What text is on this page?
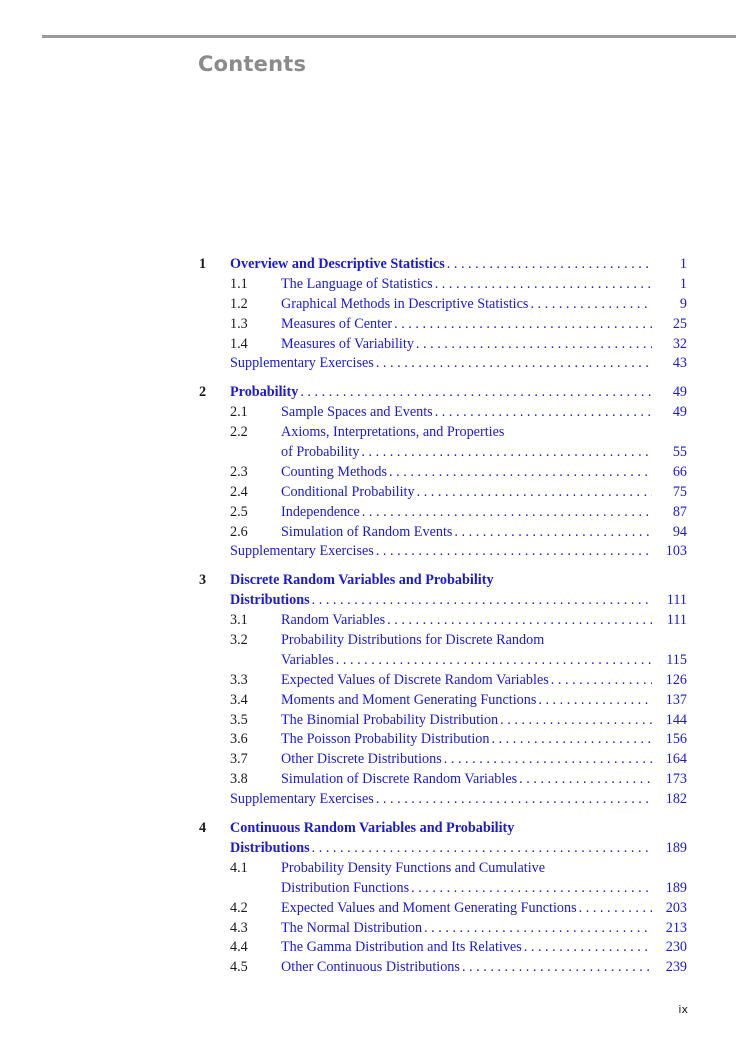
Contents
1 Overview and Descriptive Statistics . . .	1
1.1 The Language of Statistics . . .	1
1.2 Graphical Methods in Descriptive Statistics . . .	9
1.3 Measures of Center . . .	25
1.4 Measures of Variability . . .	32
Supplementary Exercises . . .	43
2 Probability . . .	49
2.1 Sample Spaces and Events . . .	49
2.2 Axioms, Interpretations, and Properties
of Probability . . .	55
2.3 Counting Methods . . .	66
2.4 Conditional Probability . . .	75
2.5 Independence . . .	87
2.6 Simulation of Random Events . . .	94
Supplementary Exercises . . .	103
3 Discrete Random Variables and Probability
Distributions . . .	111
3.1 Random Variables . . .	111
3.2 Probability Distributions for Discrete Random
Variables . . .	115
3.3 Expected Values of Discrete Random Variables . . .	126
3.4 Moments and Moment Generating Functions . . .	137
3.5 The Binomial Probability Distribution . . .	144
3.6 The Poisson Probability Distribution . . .	156
3.7 Other Discrete Distributions . . .	164
3.8 Simulation of Discrete Random Variables . . .	173
Supplementary Exercises . . .	182
4 Continuous Random Variables and Probability
Distributions . . .	189
4.1 Probability Density Functions and Cumulative
Distribution Functions . . .	189
4.2 Expected Values and Moment Generating Functions . . .	203
4.3 The Normal Distribution . . .	213
4.4 The Gamma Distribution and Its Relatives . . .	230
4.5 Other Continuous Distributions . . .	239
ix
